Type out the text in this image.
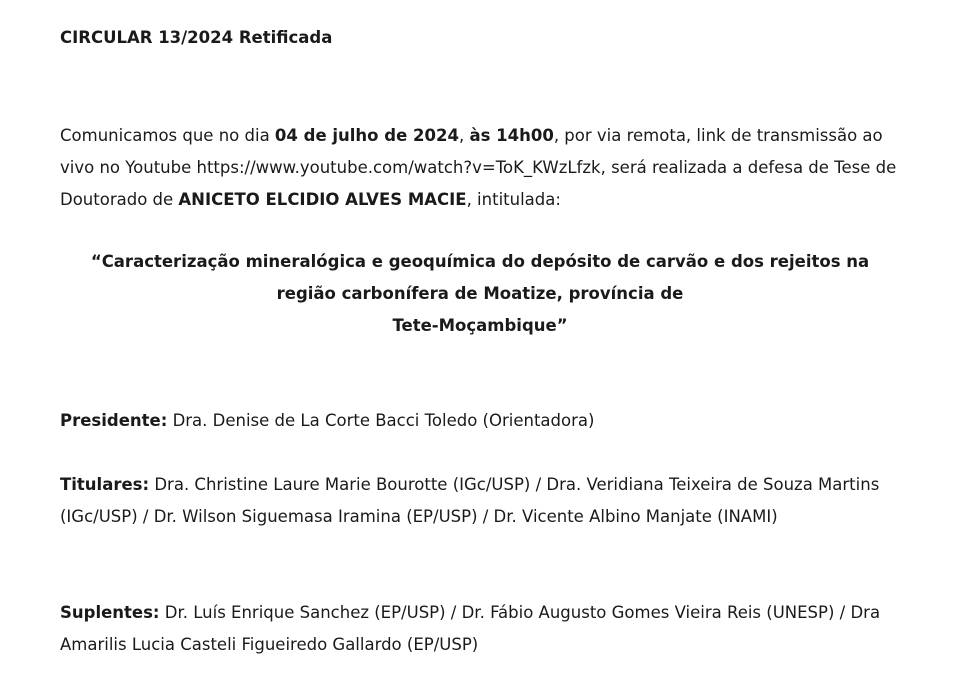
CIRCULAR 13/2024 Retificada

Comunicamos que no dia 04 de julho de 2024, às 14h00, por via remota, link de transmissão ao vivo no Youtube https://www.youtube.com/watch?v=ToK_KWzLfzk, será realizada a defesa de Tese de Doutorado de ANICETO ELCIDIO ALVES MACIE, intitulada:

“Caracterização mineralógica e geoquímica do depósito de carvão e dos rejeitos na
região carbonífera de Moatize, província de
Tete-Moçambique”

Presidente: Dra. Denise de La Corte Bacci Toledo (Orientadora)

Titulares: Dra. Christine Laure Marie Bourotte (IGc/USP) / Dra. Veridiana Teixeira de Souza Martins (IGc/USP) / Dr. Wilson Siguemasa Iramina (EP/USP) / Dr. Vicente Albino Manjate (INAMI)

Suplentes: Dr. Luís Enrique Sanchez (EP/USP) / Dr. Fábio Augusto Gomes Vieira Reis (UNESP) / Dra Amarilis Lucia Casteli Figueiredo Gallardo (EP/USP)
